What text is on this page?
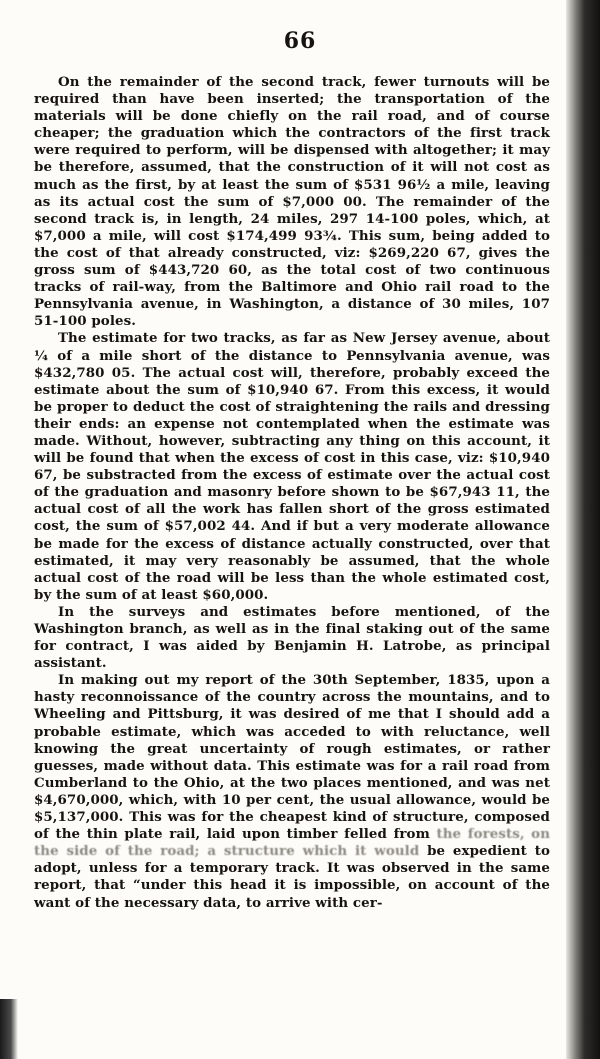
66

On the remainder of the second track, fewer turnouts will be required than have been inserted; the transportation of the materials will be done chiefly on the rail road, and of course cheaper; the graduation which the contractors of the first track were required to perform, will be dispensed with altogether; it may be therefore, assumed, that the construction of it will not cost as much as the first, by at least the sum of $531 96½ a mile, leaving as its actual cost the sum of $7,000 00. The remainder of the second track is, in length, 24 miles, 297 14-100 poles, which, at $7,000 a mile, will cost $174,499 93¾. This sum, being added to the cost of that already constructed, viz: $269,220 67, gives the gross sum of $443,720 60, as the total cost of two continuous tracks of rail-way, from the Baltimore and Ohio rail road to the Pennsylvania avenue, in Washington, a distance of 30 miles, 107 51-100 poles.

The estimate for two tracks, as far as New Jersey avenue, about ¼ of a mile short of the distance to Pennsylvania avenue, was $432,780 05. The actual cost will, therefore, probably exceed the estimate about the sum of $10,940 67. From this excess, it would be proper to deduct the cost of straightening the rails and dressing their ends: an expense not contemplated when the estimate was made. Without, however, subtracting any thing on this account, it will be found that when the excess of cost in this case, viz: $10,940 67, be substracted from the excess of estimate over the actual cost of the graduation and masonry before shown to be $67,943 11, the actual cost of all the work has fallen short of the gross estimated cost, the sum of $57,002 44. And if but a very moderate allowance be made for the excess of distance actually constructed, over that estimated, it may very reasonably be assumed, that the whole actual cost of the road will be less than the whole estimated cost, by the sum of at least $60,000.

In the surveys and estimates before mentioned, of the Washington branch, as well as in the final staking out of the same for contract, I was aided by Benjamin H. Latrobe, as principal assistant.

In making out my report of the 30th September, 1835, upon a hasty reconnoissance of the country across the mountains, and to Wheeling and Pittsburg, it was desired of me that I should add a probable estimate, which was acceded to with reluctance, well knowing the great uncertainty of rough estimates, or rather guesses, made without data. This estimate was for a rail road from Cumberland to the Ohio, at the two places mentioned, and was net $4,670,000, which, with 10 per cent, the usual allowance, would be $5,137,000. This was for the cheapest kind of structure, composed of the thin plate rail, laid upon timber felled from the forests, on the side of the road; a structure which it would be expedient to adopt, unless for a temporary track. It was observed in the same report, that “under this head it is impossible, on account of the want of the necessary data, to arrive with cer-
